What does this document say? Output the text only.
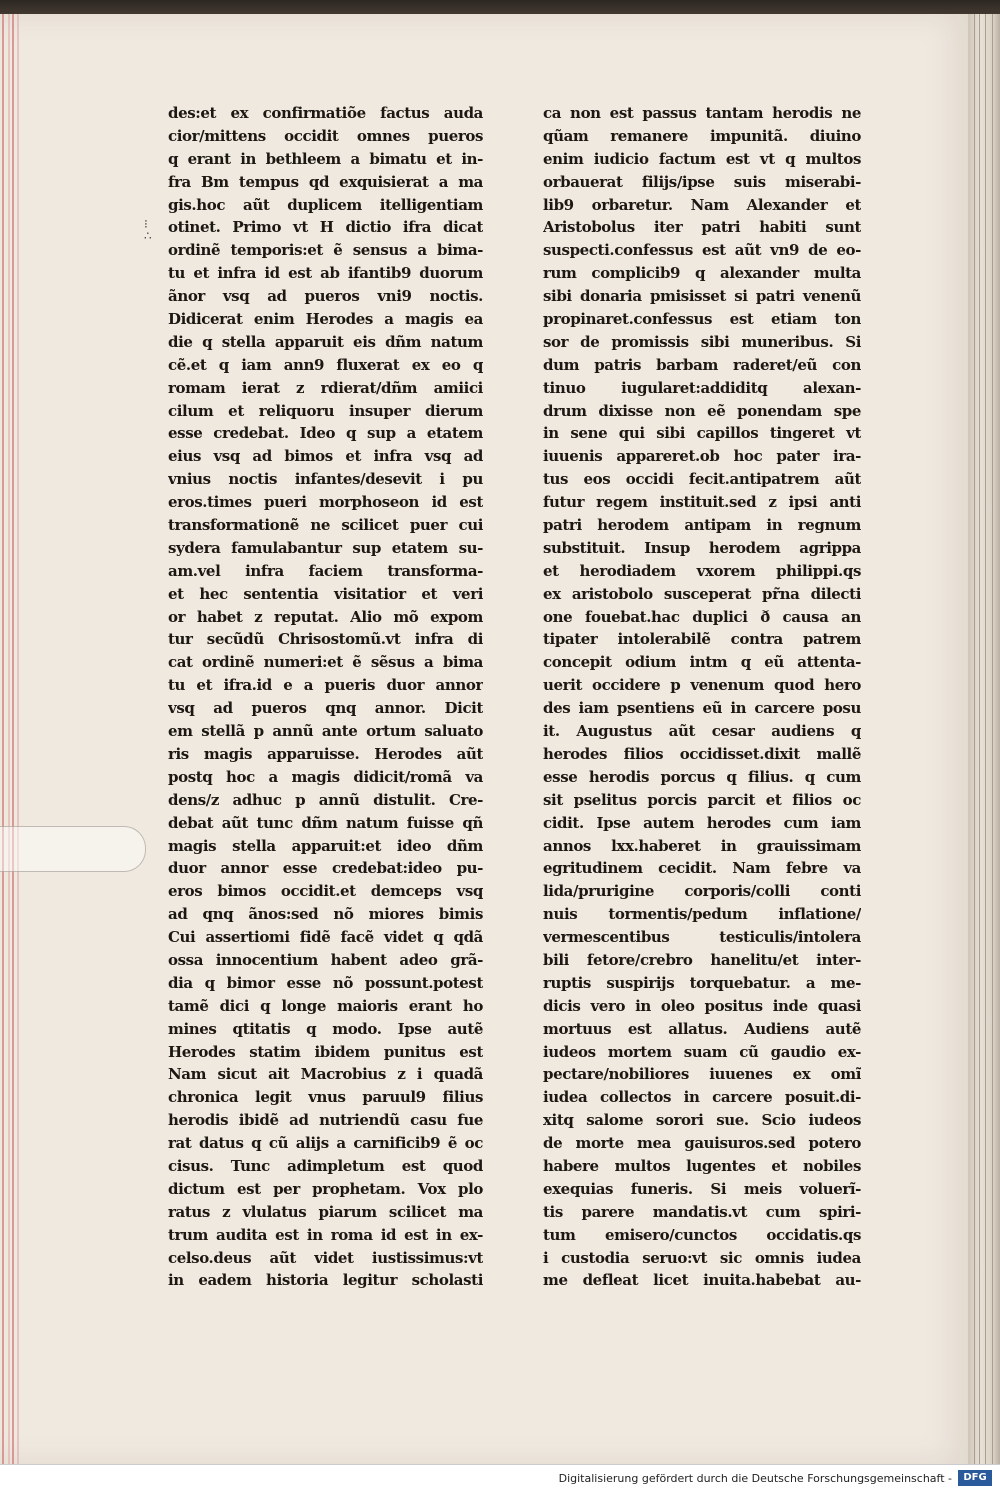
⁝
∴
des:et ex confirmatiõe factus auda
cior/mittens occidit omnes pueros
q erant in bethleem a bimatu et in-
fra Bm tempus qd exquisierat a ma
gis.hoc aũt duplicem itelligentiam
otinet. Primo vt H dictio ifra dicat
ordinẽ temporis:et ẽ sensus a bima-
tu et infra id est ab ifantib9 duorum
ãnor vsq ad pueros vni9 noctis.
Didicerat enim Herodes a magis ea
die q stella apparuit eis dñm natum
cẽ.et q iam ann9 fluxerat ex eo q
romam ierat z rdierat/dñm amiici
cilum et reliquoru insuper dierum
esse credebat. Ideo q sup a etatem
eius vsq ad bimos et infra vsq ad
vnius noctis infantes/desevit i pu
eros.times pueri morphoseon id est
transformationẽ ne scilicet puer cui
sydera famulabantur sup etatem su-
am.vel infra faciem transforma-
et hec sententia visitatior et veri
or habet z reputat. Alio mõ expom
tur secũdũ Chrisostomũ.vt infra di
cat ordinẽ numeri:et ẽ sẽsus a bima
tu et ifra.id e a pueris duor annor
vsq ad pueros qnq annor. Dicit
em stellã p annũ ante ortum saluato
ris magis apparuisse. Herodes aũt
postq hoc a magis didicit/romã va
dens/z adhuc p annũ distulit. Cre-
debat aũt tunc dñm natum fuisse qñ
magis stella apparuit:et ideo dñm
duor annor esse credebat:ideo pu-
eros bimos occidit.et demceps vsq
ad qnq ãnos:sed nõ miores bimis
Cui assertiomi fidẽ facẽ videt q qdã
ossa innocentium habent adeo grã-
dia q bimor esse nõ possunt.potest
tamẽ dici q longe maioris erant ho
mines qtitatis q modo. Ipse autẽ
Herodes statim ibidem punitus est
Nam sicut ait Macrobius z i quadã
chronica legit vnus paruul9 filius
herodis ibidẽ ad nutriendũ casu fue
rat datus q cũ alijs a carnificib9 ẽ oc
cisus. Tunc adimpletum est quod
dictum est per prophetam. Vox plo
ratus z vlulatus piarum scilicet ma
trum audita est in roma id est in ex-
celso.deus aũt videt iustissimus:vt
in eadem historia legitur scholasti
ca non est passus tantam herodis ne
qũam remanere impunitã. diuino
enim iudicio factum est vt q multos
orbauerat filijs/ipse suis miserabi-
lib9 orbaretur. Nam Alexander et
Aristobolus iter patri habiti sunt
suspecti.confessus est aũt vn9 de eo-
rum complicib9 q alexander multa
sibi donaria pmisisset si patri venenũ
propinaret.confessus est etiam ton
sor de promissis sibi muneribus. Si
dum patris barbam raderet/eũ con
tinuo iugularet:addiditq alexan-
drum dixisse non eẽ ponendam spe
in sene qui sibi capillos tingeret vt
iuuenis appareret.ob hoc pater ira-
tus eos occidi fecit.antipatrem aũt
futur regem instituit.sed z ipsi anti
patri herodem antipam in regnum
substituit. Insup herodem agrippa
et herodiadem vxorem philippi.qs
ex aristobolo susceperat pr̃na dilecti
one fouebat.hac duplici ð causa an
tipater intolerabilẽ contra patrem
concepit odium intm q eũ attenta-
uerit occidere p venenum quod hero
des iam psentiens eũ in carcere posu
it. Augustus aũt cesar audiens q
herodes filios occidisset.dixit mallẽ
esse herodis porcus q filius. q cum
sit pselitus porcis parcit et filios oc
cidit. Ipse autem herodes cum iam
annos lxx.haberet in grauissimam
egritudinem cecidit. Nam febre va
lida/prurigine corporis/colli conti
nuis tormentis/pedum inflatione/
vermescentibus testiculis/intolera
bili fetore/crebro hanelitu/et inter-
ruptis suspirijs torquebatur. a me-
dicis vero in oleo positus inde quasi
mortuus est allatus. Audiens autẽ
iudeos mortem suam cũ gaudio ex-
pectare/nobiliores iuuenes ex omĩ
iudea collectos in carcere posuit.di-
xitq salome sorori sue. Scio iudeos
de morte mea gauisuros.sed potero
habere multos lugentes et nobiles
exequias funeris. Si meis voluerĩ-
tis parere mandatis.vt cum spiri-
tum emisero/cunctos occidatis.qs
i custodia seruo:vt sic omnis iudea
me defleat licet inuita.habebat au-
Digitalisierung gefördert durch die Deutsche Forschungsgemeinschaft -	DFG
